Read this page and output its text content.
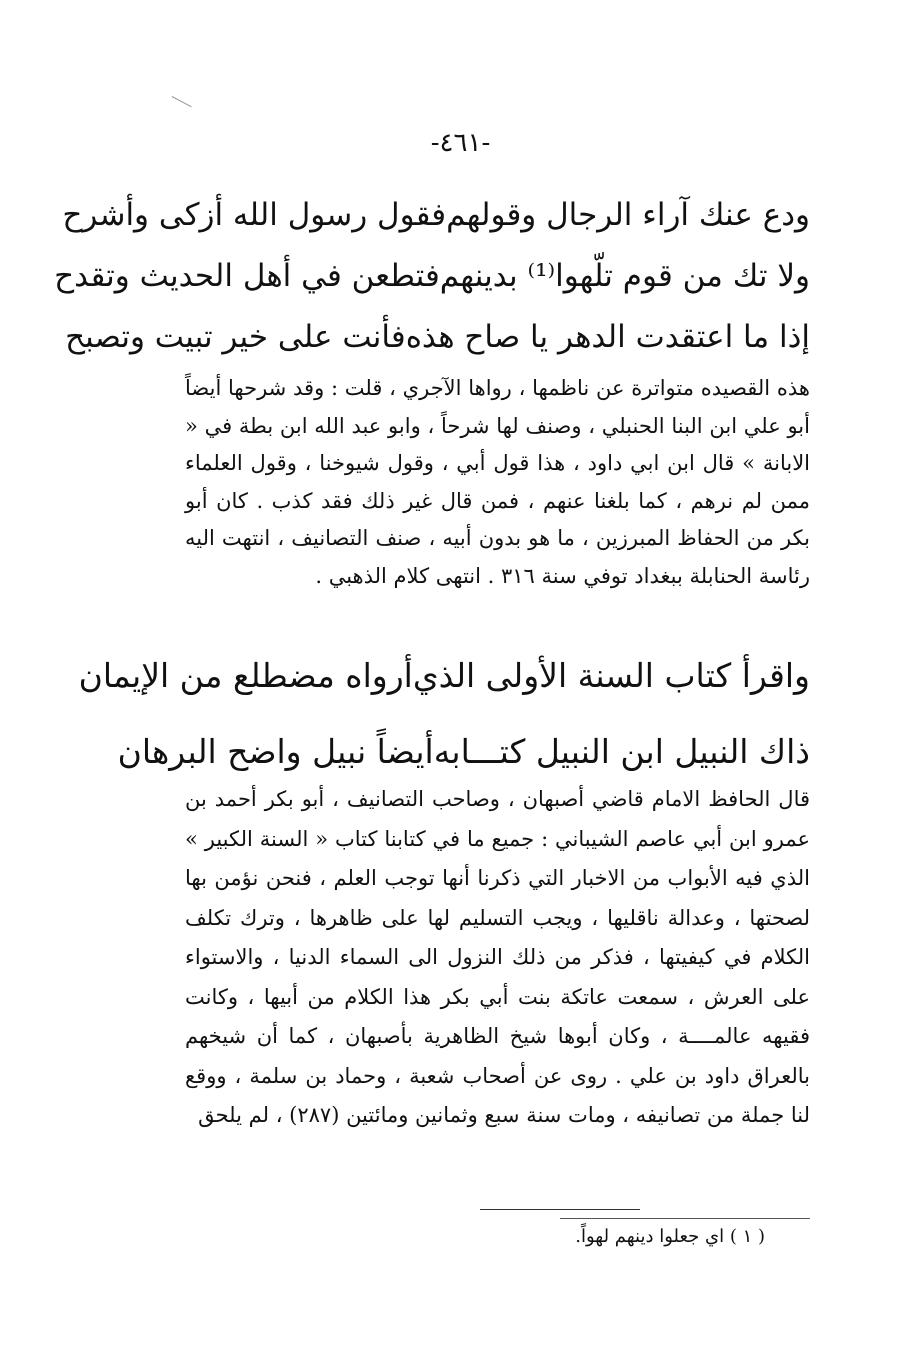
-٤٦١-
ودع عنك آراء الرجال وقولهم
فقول رسول الله أزكى وأشرح
ولا تك من قوم تلّهوا⁽¹⁾ بدينهم
فتطعن في أهل الحديث وتقدح
إذا ما اعتقدت الدهر يا صاح هذه
فأنت على خير تبيت وتصبح

هذه القصيده متواترة عن ناظمها ، رواها الآجري ، قلت : وقد شرحها أيضاً أبو علي ابن البنا الحنبلي ، وصنف لها شرحاً ، وابو عبد الله ابن بطة في « الابانة » قال ابن ابي داود ، هذا قول أبي ، وقول شيوخنا ، وقول العلماء ممن لم نرهم ، كما بلغنا عنهم ، فمن قال غير ذلك فقد كذب . كان أبو بكر من الحفاظ المبرزين ، ما هو بدون أبيه ، صنف التصانيف ، انتهت اليه رئاسة الحنابلة ببغداد توفي سنة ٣١٦ . انتهى كلام الذهبي .

واقرأ كتاب السنة الأولى الذي
أرواه مضطلع من الإيمان
ذاك النبيل ابن النبيل كتـــابه
أيضاً نبيل واضح البرهان

قال الحافظ الامام قاضي أصبهان ، وصاحب التصانيف ، أبو بكر أحمد بن عمرو ابن أبي عاصم الشيباني : جميع ما في كتابنا كتاب « السنة الكبير » الذي فيه الأبواب من الاخبار التي ذكرنا أنها توجب العلم ، فنحن نؤمن بها لصحتها ، وعدالة ناقليها ، ويجب التسليم لها على ظاهرها ، وترك تكلف الكلام في كيفيتها ، فذكر من ذلك النزول الى السماء الدنيا ، والاستواء على العرش ، سمعت عاتكة بنت أبي بكر هذا الكلام من أبيها ، وكانت فقيهه عالمــــة ، وكان أبوها شيخ الظاهرية بأصبهان ، كما أن شيخهم بالعراق داود بن علي . روى عن أصحاب شعبة ، وحماد بن سلمة ، ووقع لنا جملة من تصانيفه ، ومات سنة سبع وثمانين ومائتين (٢٨٧) ، لم يلحق

( ١ ) اي جعلوا دينهم لهواً.
